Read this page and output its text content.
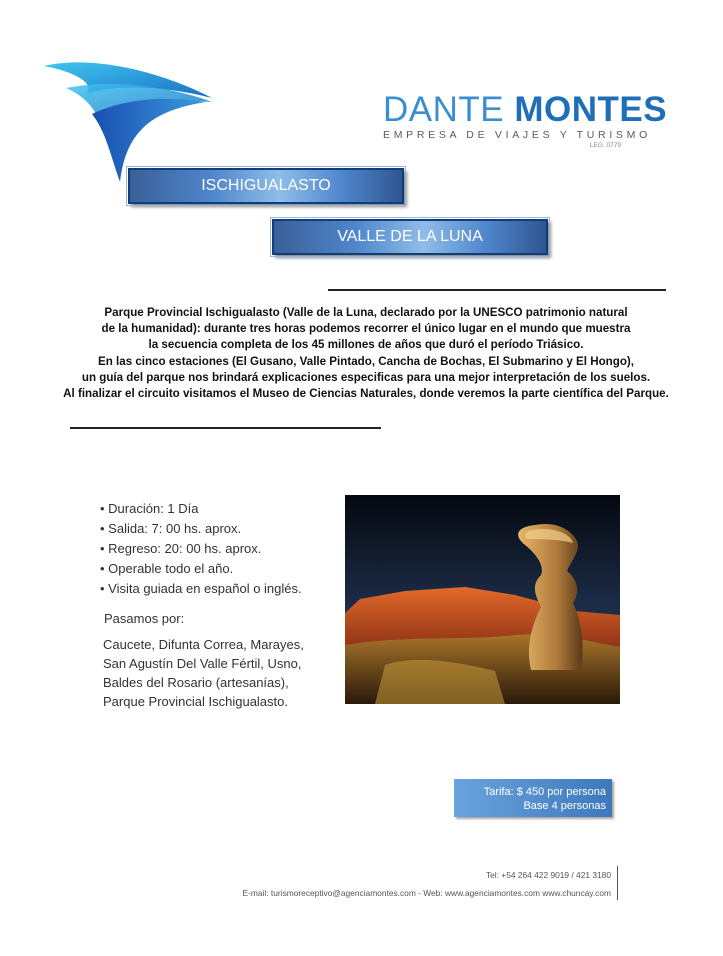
DANTE MONTES
EMPRESA DE VIAJES Y TURISMO
LEG. 0779
ISCHIGUALASTO
VALLE DE LA LUNA
Parque Provincial Ischigualasto (Valle de la Luna, declarado por la UNESCO patrimonio natural
de la humanidad): durante tres horas podemos recorrer el único lugar en el mundo que muestra
la secuencia completa de los 45 millones de años que duró el período Triásico.
En las cinco estaciones (El Gusano, Valle Pintado, Cancha de Bochas, El Submarino y El Hongo),
un guía del parque nos brindará explicaciones especificas para una mejor interpretación de los suelos.
Al finalizar el circuito visitamos el Museo de Ciencias Naturales, donde veremos la parte científica del Parque.
• Duración: 1 Día
• Salida: 7: 00 hs. aprox.
• Regreso: 20: 00 hs. aprox.
• Operable todo el año.
• Visita guiada en español o inglés.
Pasamos por:
Caucete, Difunta Correa, Marayes,
San Agustín Del Valle Fértil, Usno,
Baldes del Rosario (artesanías),
Parque Provincial Ischigualasto.
Tarifa: $ 450 por persona
Base 4 personas
Tel: +54 264 422 9019 / 421 3180
E-mail: turismoreceptivo@agenciamontes.com - Web: www.agenciamontes.com www.chuncay.com
